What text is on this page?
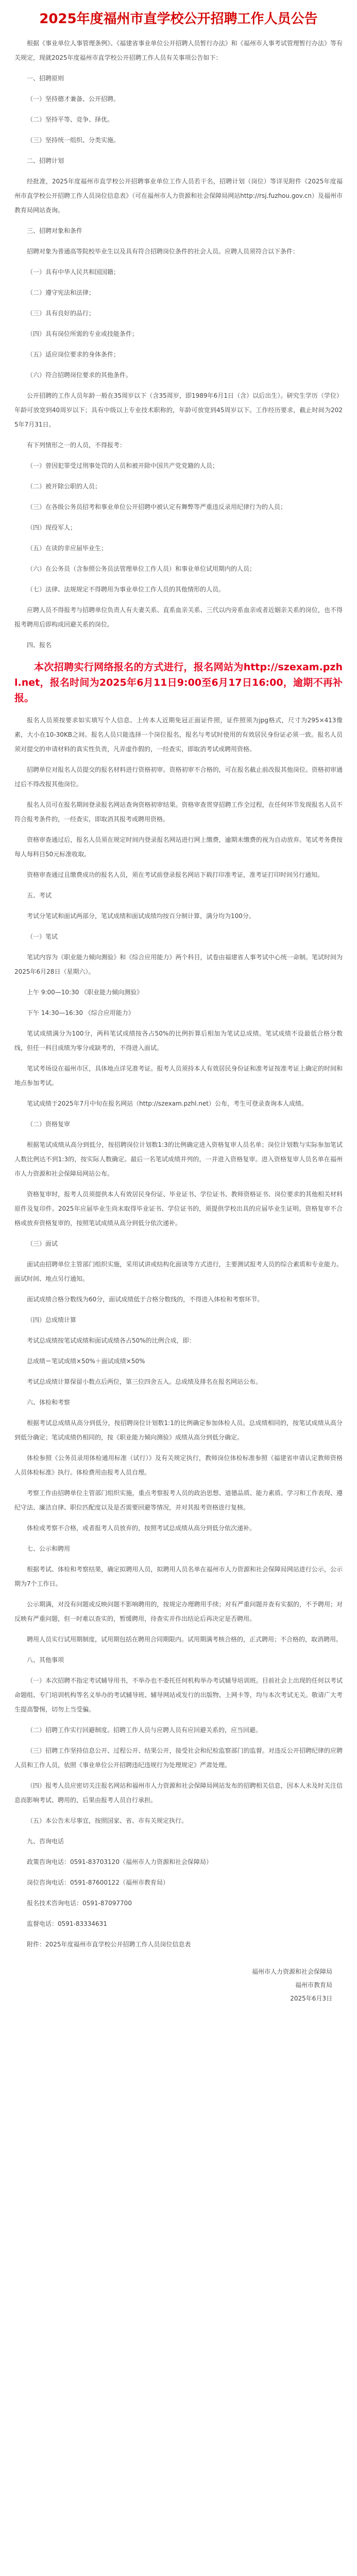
2025年度福州市直学校公开招聘工作人员公告

根据《事业单位人事管理条例》、《福建省事业单位公开招聘人员暂行办法》和《福州市人事考试管理暂行办法》等有关规定，现就2025年度福州市直学校公开招聘工作人员有关事项公告如下：

一、招聘原则

（一）坚持德才兼备、公开招聘。

（二）坚持平等、竞争、择优。

（三）坚持统一组织、分类实施。

二、招聘计划

经批准，2025年度福州市直学校公开招聘事业单位工作人员若干名，招聘计划（岗位）等详见附件《2025年度福州市直学校公开招聘工作人员岗位信息表》（可在福州市人力资源和社会保障局网站http://rsj.fuzhou.gov.cn）及福州市教育局网站查询。

三、招聘对象和条件

招聘对象为普通高等院校毕业生以及具有符合招聘岗位条件的社会人员。应聘人员须符合以下条件：

（一）具有中华人民共和国国籍；

（二）遵守宪法和法律；

（三）具有良好的品行；

（四）具有岗位所需的专业或技能条件；

（五）适应岗位要求的身体条件；

（六）符合招聘岗位要求的其他条件。

公开招聘的工作人员年龄一般在35周岁以下（含35周岁，即1989年6月1日（含）以后出生）。研究生学历（学位）年龄可放宽到40周岁以下；具有中级以上专业技术职称的，年龄可放宽到45周岁以下。工作经历要求，截止时间为2025年7月31日。

有下列情形之一的人员，不得报考：

（一）曾因犯罪受过刑事处罚的人员和被开除中国共产党党籍的人员；

（二）被开除公职的人员；

（三）在各级公务员招考和事业单位公开招聘中被认定有舞弊等严重违反录用纪律行为的人员；

（四）现役军人；

（五）在读的非应届毕业生；

（六）在公务员（含参照公务员法管理单位工作人员）和事业单位试用期内的人员；

（七）法律、法规规定不得聘用为事业单位工作人员的其他情形的人员。

应聘人员不得报考与招聘单位负责人有夫妻关系、直系血亲关系、三代以内旁系血亲或者近姻亲关系的岗位，也不得报考聘用后即构成回避关系的岗位。

四、报名

本次招聘实行网络报名的方式进行，报名网站为http://szexam.pzhl.net，报名时间为2025年6月11日9:00至6月17日16:00，逾期不再补报。

报名人员须按要求如实填写个人信息、上传本人近期免冠正面证件照，证件照须为jpg格式，尺寸为295×413像素，大小在10-30KB之间。报名人员只能选择一个岗位报名，报名与考试时使用的有效居民身份证必须一致。报名人员须对提交的申请材料的真实性负责，凡弄虚作假的，一经查实，即取消考试或聘用资格。

招聘单位对报名人员提交的报名材料进行资格初审。资格初审不合格的，可在报名截止前改报其他岗位。资格初审通过后不得改报其他岗位。

报名人员可在报名期间登录报名网站查询资格初审结果。资格审查贯穿招聘工作全过程，在任何环节发现报名人员不符合报考条件的，一经查实，即取消其报考或聘用资格。

资格审查通过后，报名人员须在规定时间内登录报名网站进行网上缴费，逾期未缴费的视为自动放弃。笔试考务费按每人每科目50元标准收取。

资格审查通过且缴费成功的报名人员，须在考试前登录报名网站下载打印准考证，准考证打印时间另行通知。

五、考试

考试分笔试和面试两部分，笔试成绩和面试成绩均按百分制计算，满分均为100分。

（一）笔试

笔试内容为《职业能力倾向测验》和《综合应用能力》两个科目，试卷由福建省人事考试中心统一命制。笔试时间为2025年6月28日（星期六）。

上午 9:00—10:30 《职业能力倾向测验》

下午 14:30—16:30 《综合应用能力》

笔试成绩满分为100分，两科笔试成绩按各占50%的比例折算后相加为笔试总成绩。笔试成绩不设最低合格分数线，但任一科目成绩为零分或缺考的，不得进入面试。

笔试考场设在福州市区，具体地点详见准考证。报考人员须持本人有效居民身份证和准考证按准考证上确定的时间和地点参加考试。

笔试成绩于2025年7月中旬在报名网站（http://szexam.pzhl.net）公布，考生可登录查询本人成绩。

（二）资格复审

根据笔试成绩从高分到低分，按招聘岗位计划数1:3的比例确定进入资格复审人员名单；岗位计划数与实际参加笔试人数比例达不到1:3的，按实际人数确定。最后一名笔试成绩并列的，一并进入资格复审。进入资格复审人员名单在福州市人力资源和社会保障局网站公布。

资格复审时，报考人员须提供本人有效居民身份证、毕业证书、学位证书、教师资格证书、岗位要求的其他相关材料原件及复印件。2025年应届毕业生尚未取得毕业证书、学位证书的，须提供学校出具的应届毕业生证明。资格复审不合格或放弃资格复审的，按照笔试成绩从高分到低分依次递补。

（三）面试

面试由招聘单位主管部门组织实施，采用试讲或结构化面谈等方式进行，主要测试报考人员的综合素质和专业能力。面试时间、地点另行通知。

面试成绩合格分数线为60分，面试成绩低于合格分数线的，不得进入体检和考察环节。

（四）总成绩计算

考试总成绩按笔试成绩和面试成绩各占50%的比例合成，即：

总成绩＝笔试成绩×50%＋面试成绩×50%

考试总成绩计算保留小数点后两位，第三位四舍五入。总成绩及排名在报名网站公布。

六、体检和考察

根据考试总成绩从高分到低分，按招聘岗位计划数1:1的比例确定参加体检人员。总成绩相同的，按笔试成绩从高分到低分确定；笔试成绩仍相同的，按《职业能力倾向测验》成绩从高分到低分确定。

体检参照《公务员录用体检通用标准（试行）》及有关规定执行，教师岗位体检标准参照《福建省申请认定教师资格人员体检标准》执行。体检费用由报考人员自理。

考察工作由招聘单位主管部门组织实施，重点考察报考人员的政治思想、道德品质、能力素质、学习和工作表现、遵纪守法、廉洁自律、职位匹配度以及是否需要回避等情况，并对其报考资格进行复核。

体检或考察不合格，或者报考人员放弃的，按照考试总成绩从高分到低分依次递补。

七、公示和聘用

根据考试、体检和考察结果，确定拟聘用人员，拟聘用人员名单在福州市人力资源和社会保障局网站进行公示，公示期为7个工作日。

公示期满，对没有问题或反映问题不影响聘用的，按规定办理聘用手续；对有严重问题并查有实据的，不予聘用；对反映有严重问题，但一时难以查实的，暂缓聘用，待查实并作出结论后再决定是否聘用。

聘用人员实行试用期制度，试用期包括在聘用合同期限内。试用期满考核合格的，正式聘用；不合格的，取消聘用。

八、其他事项

（一）本次招聘不指定考试辅导用书，不举办也不委托任何机构举办考试辅导培训班。目前社会上出现的任何以考试命题组、专门培训机构等名义举办的考试辅导班、辅导网站或发行的出版物、上网卡等，均与本次考试无关。敬请广大考生提高警惕，切勿上当受骗。

（二）招聘工作实行回避制度。招聘工作人员与应聘人员有应回避关系的，应当回避。

（三）招聘工作坚持信息公开、过程公开、结果公开，接受社会和纪检监察部门的监督。对违反公开招聘纪律的应聘人员和工作人员，依照《事业单位公开招聘违纪违规行为处理规定》严肃处理。

（四）报考人员应密切关注报名网站和福州市人力资源和社会保障局网站发布的招聘相关信息，因本人未及时关注信息而影响考试、聘用的，后果由报考人员自行承担。

（五）本公告未尽事宜，按照国家、省、市有关规定执行。

九、咨询电话

政策咨询电话：0591-83703120（福州市人力资源和社会保障局）

岗位咨询电话：0591-87600122（福州市教育局）

报名技术咨询电话：0591-87097700

监督电话：0591-83334631

附件：2025年度福州市直学校公开招聘工作人员岗位信息表

福州市人力资源和社会保障局

福州市教育局

2025年6月3日
